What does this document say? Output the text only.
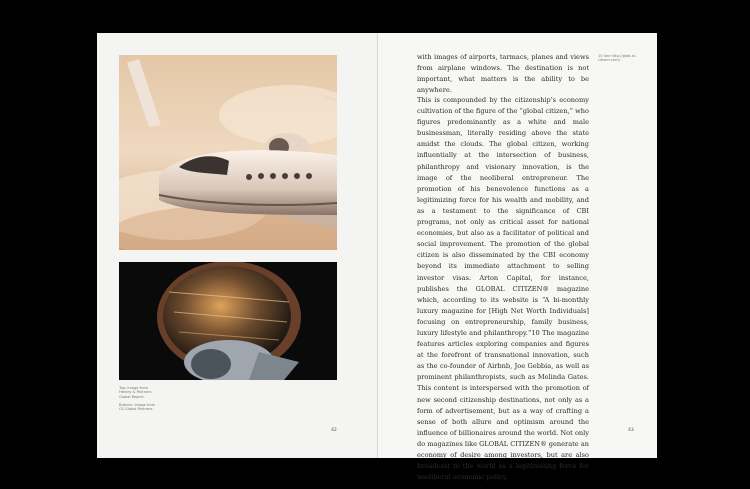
Top: image from Henley & Partners Global Report.
Bottom: image from CS Global Partners.
42

with images of airports, tarmacs, planes and views from airplane windows. The destination is not important, what matters is the ability to be anywhere.

This is compounded by the citizenship's economy cultivation of the figure of the “global citizen,” who figures predominantly as a white and male businessman, literally residing above the state amidst the clouds. The global citizen, working influentially at the intersection of business, philanthropy and visionary innovation, is the image of the neoliberal entrepreneur. The promotion of his benevolence functions as a legitimizing force for his wealth and mobility, and as a testament to the significance of CBI programs, not only as critical asset for national economies, but also as a facilitator of political and social improvement. The promotion of the global citizen is also disseminated by the CBI economy beyond its immediate attachment to selling investor visas. Arton Capital, for instance, publishes the GLOBAL CITIZEN® magazine which, according to its website is “A bi-monthly luxury magazine for [High Net Worth Individuals] focusing on entrepreneurship, family business, luxury lifestyle and philanthropy.”10 The magazine features articles exploring companies and figures at the forefront of transnational innovation, such as the co-founder of Airbnb, Joe Gebbia, as well as prominent philanthropists, such as Melinda Gates. This content is interspersed with the promotion of new second citizenship destinations, not only as a form of advertisement, but as a way of crafting a sense of both allure and optimism around the influence of billionaires around the world. Not only do magazines like GLOBAL CITIZEN® generate an economy of desire among investors, but are also broadcast to the world as a legitimating force for neoliberal economic policy.

10 See http://glob-al-citizen.com/.
43
